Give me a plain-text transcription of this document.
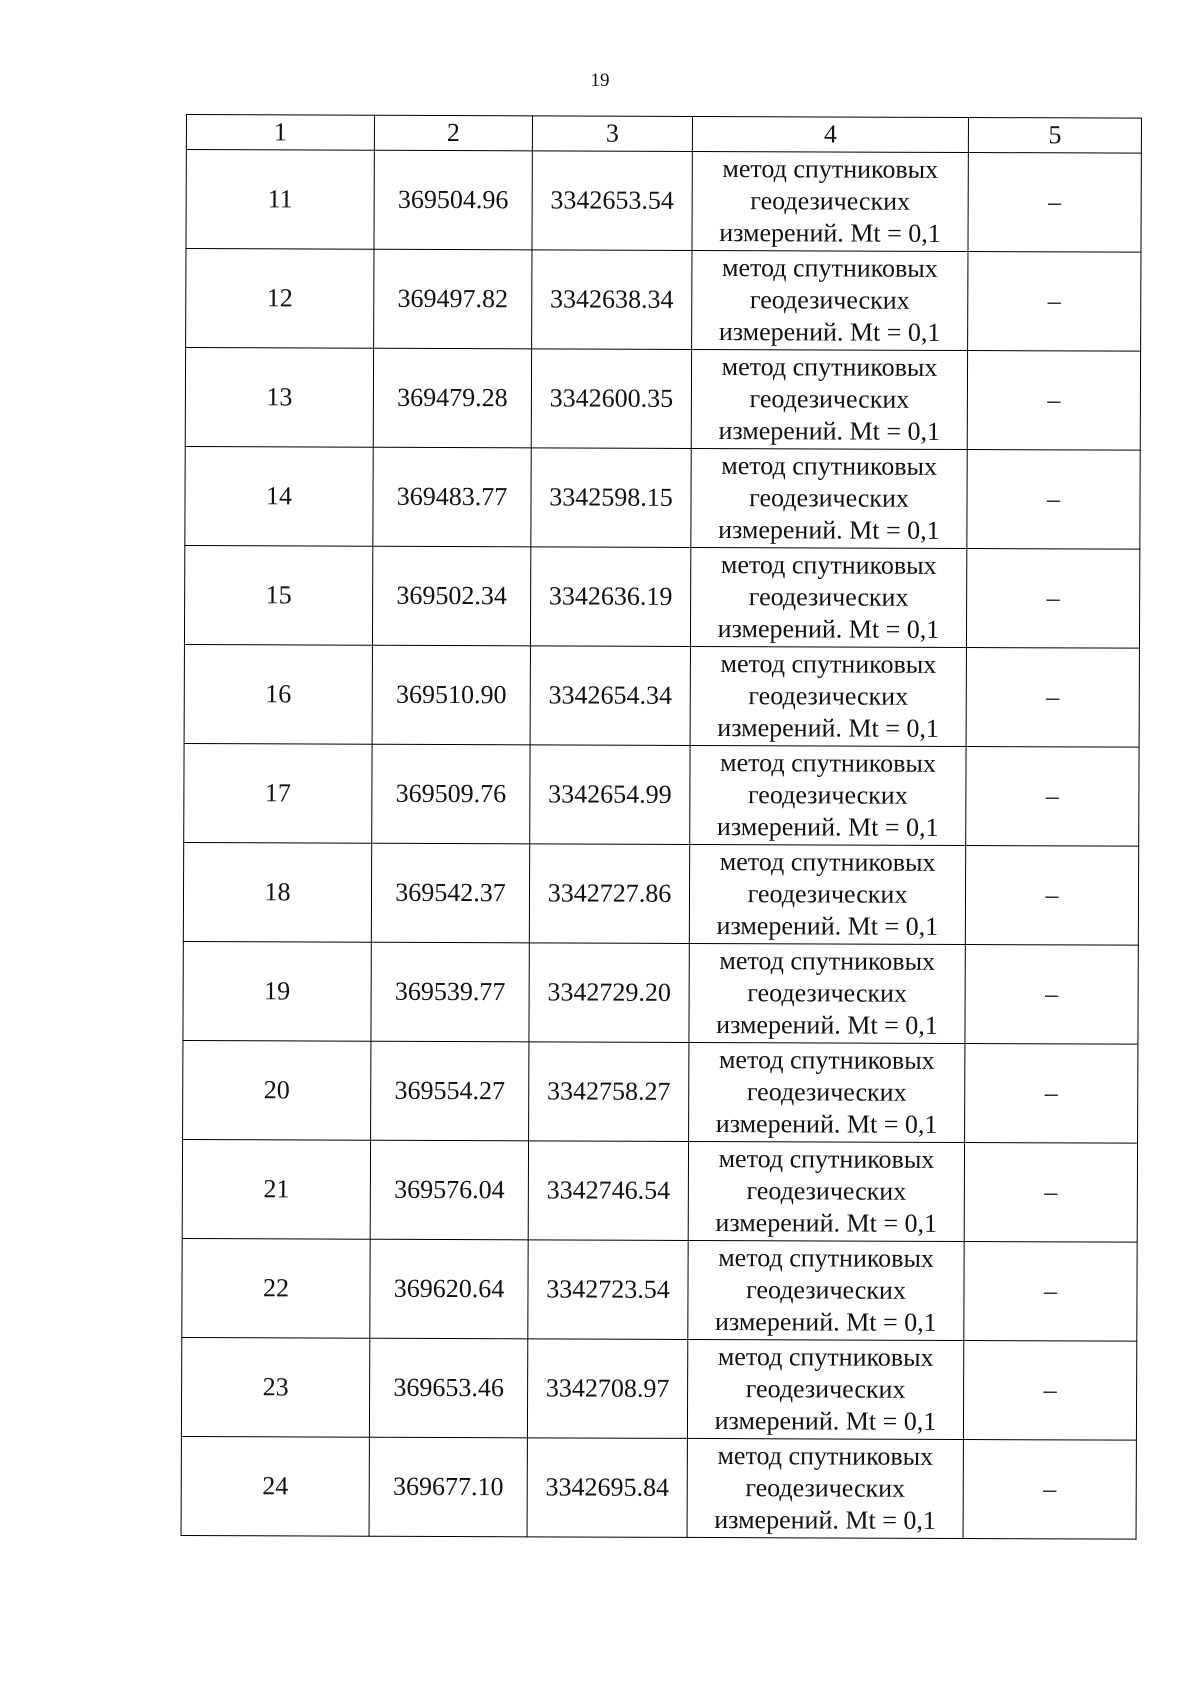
19
1	2	3	4	5
11	369504.96	3342653.54	метод спутниковых
геодезических
измерений. Mt = 0,1	–
12	369497.82	3342638.34	метод спутниковых
геодезических
измерений. Mt = 0,1	–
13	369479.28	3342600.35	метод спутниковых
геодезических
измерений. Mt = 0,1	–
14	369483.77	3342598.15	метод спутниковых
геодезических
измерений. Mt = 0,1	–
15	369502.34	3342636.19	метод спутниковых
геодезических
измерений. Mt = 0,1	–
16	369510.90	3342654.34	метод спутниковых
геодезических
измерений. Mt = 0,1	–
17	369509.76	3342654.99	метод спутниковых
геодезических
измерений. Mt = 0,1	–
18	369542.37	3342727.86	метод спутниковых
геодезических
измерений. Mt = 0,1	–
19	369539.77	3342729.20	метод спутниковых
геодезических
измерений. Mt = 0,1	–
20	369554.27	3342758.27	метод спутниковых
геодезических
измерений. Mt = 0,1	–
21	369576.04	3342746.54	метод спутниковых
геодезических
измерений. Mt = 0,1	–
22	369620.64	3342723.54	метод спутниковых
геодезических
измерений. Mt = 0,1	–
23	369653.46	3342708.97	метод спутниковых
геодезических
измерений. Mt = 0,1	–
24	369677.10	3342695.84	метод спутниковых
геодезических
измерений. Mt = 0,1	–
